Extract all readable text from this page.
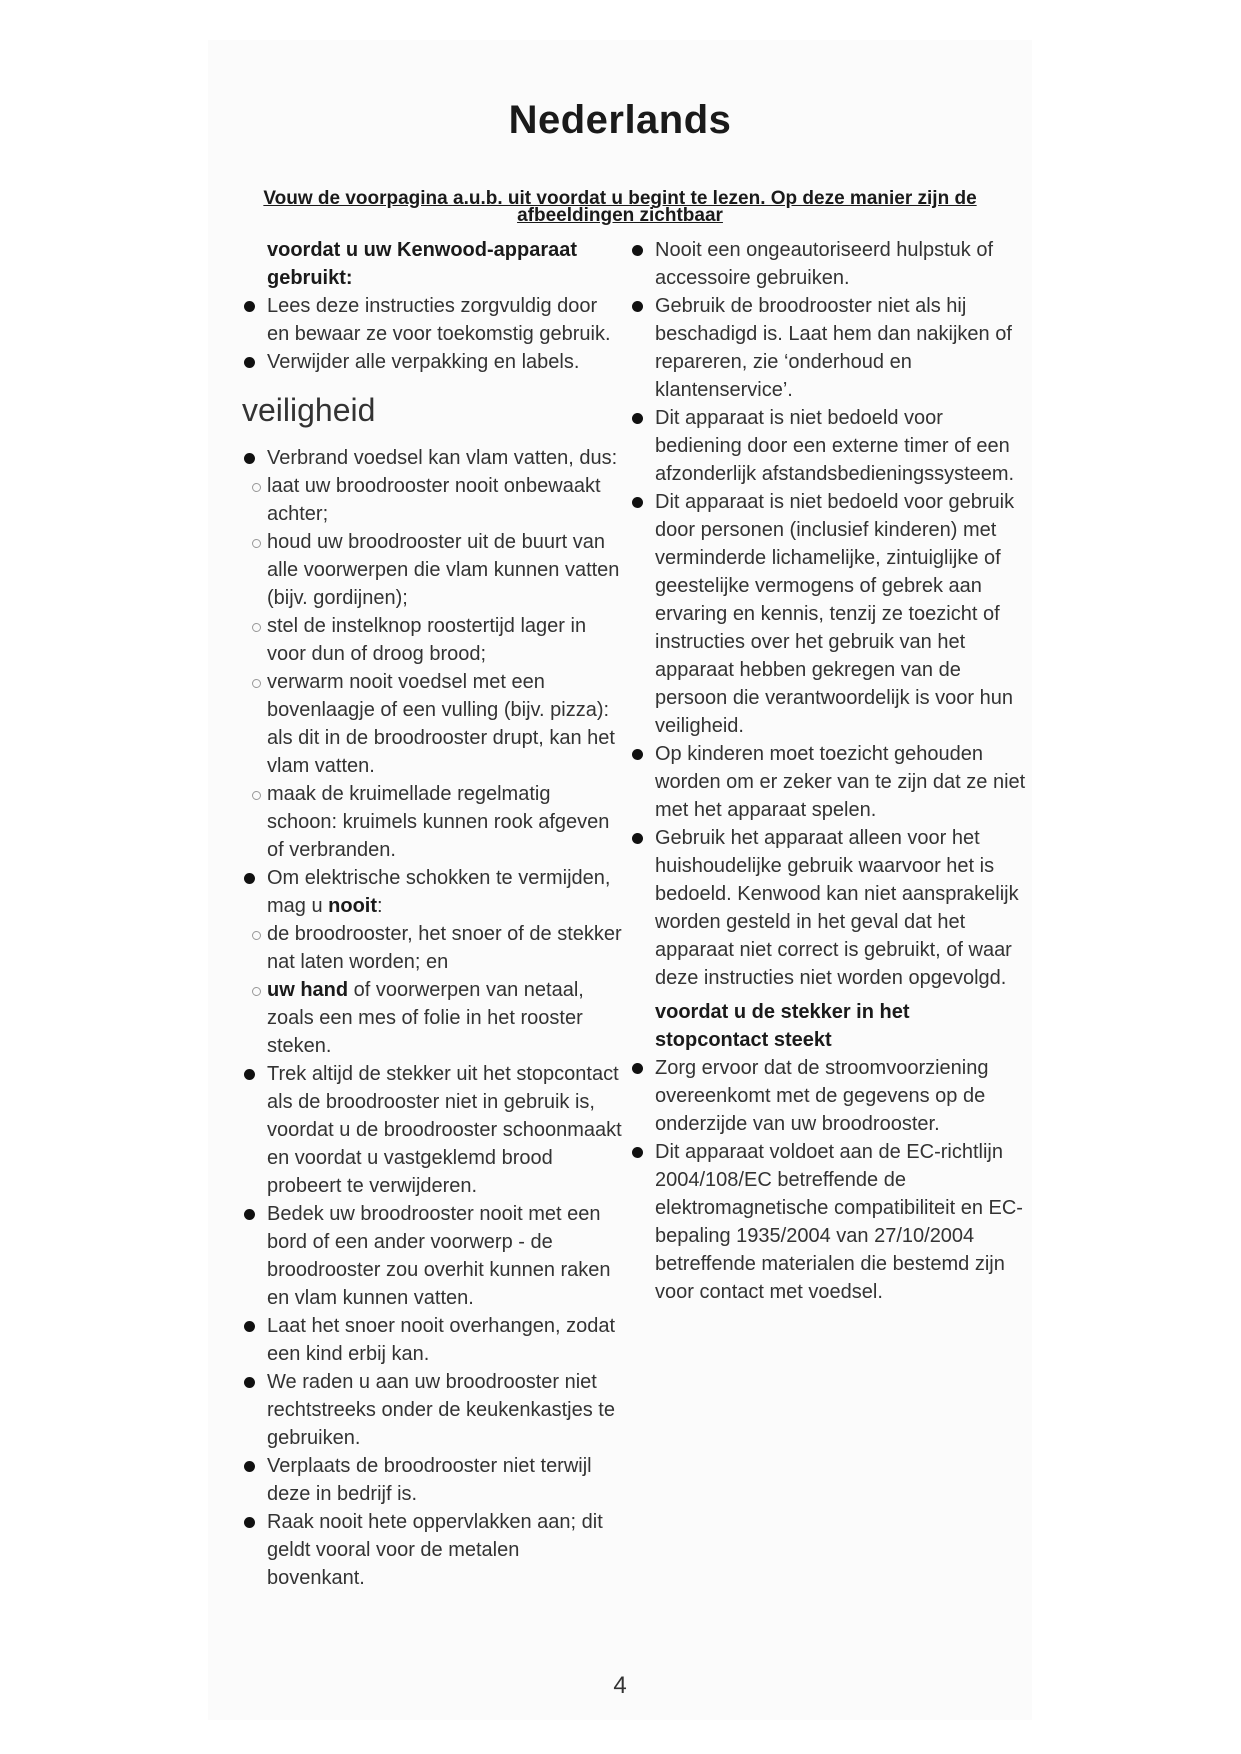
Nederlands
Vouw de voorpagina a.u.b. uit voordat u begint te lezen. Op deze manier zijn de afbeeldingen zichtbaar

voordat u uw Kenwood-apparaat gebruikt:

Lees deze instructies zorgvuldig door en bewaar ze voor toekomstig gebruik.

Verwijder alle verpakking en labels.

veiligheid

Verbrand voedsel kan vlam vatten, dus:

laat uw broodrooster nooit onbewaakt achter;

houd uw broodrooster uit de buurt van alle voorwerpen die vlam kunnen vatten (bijv. gordijnen);

stel de instelknop roostertijd lager in voor dun of droog brood;

verwarm nooit voedsel met een bovenlaagje of een vulling (bijv. pizza): als dit in de broodrooster drupt, kan het vlam vatten.

maak de kruimellade regelmatig schoon: kruimels kunnen rook afgeven of verbranden.

Om elektrische schokken te vermijden, mag u nooit:

de broodrooster, het snoer of de stekker nat laten worden; en

uw hand of voorwerpen van netaal, zoals een mes of folie in het rooster steken.

Trek altijd de stekker uit het stopcontact als de broodrooster niet in gebruik is, voordat u de broodrooster schoonmaakt en voordat u vastgeklemd brood probeert te verwijderen.

Bedek uw broodrooster nooit met een bord of een ander voorwerp - de broodrooster zou overhit kunnen raken en vlam kunnen vatten.

Laat het snoer nooit overhangen, zodat een kind erbij kan.

We raden u aan uw broodrooster niet rechtstreeks onder de keukenkastjes te gebruiken.

Verplaats de broodrooster niet terwijl deze in bedrijf is.

Raak nooit hete oppervlakken aan; dit geldt vooral voor de metalen bovenkant.

Nooit een ongeautoriseerd hulpstuk of accessoire gebruiken.

Gebruik de broodrooster niet als hij beschadigd is. Laat hem dan nakijken of repareren, zie ‘onderhoud en klantenservice’.

Dit apparaat is niet bedoeld voor bediening door een externe timer of een afzonderlijk afstandsbedieningssysteem.

Dit apparaat is niet bedoeld voor gebruik door personen (inclusief kinderen) met verminderde lichamelijke, zintuiglijke of geestelijke vermogens of gebrek aan ervaring en kennis, tenzij ze toezicht of instructies over het gebruik van het apparaat hebben gekregen van de persoon die verantwoordelijk is voor hun veiligheid.

Op kinderen moet toezicht gehouden worden om er zeker van te zijn dat ze niet met het apparaat spelen.

Gebruik het apparaat alleen voor het huishoudelijke gebruik waarvoor het is bedoeld. Kenwood kan niet aansprakelijk worden gesteld in het geval dat het apparaat niet correct is gebruikt, of waar deze instructies niet worden opgevolgd.

voordat u de stekker in het stopcontact steekt

Zorg ervoor dat de stroomvoorziening overeenkomt met de gegevens op de onderzijde van uw broodrooster.

Dit apparaat voldoet aan de EC-richtlijn 2004/108/EC betreffende de elektromagnetische compatibiliteit en EC-bepaling 1935/2004 van 27/10/2004 betreffende materialen die bestemd zijn voor contact met voedsel.

4
